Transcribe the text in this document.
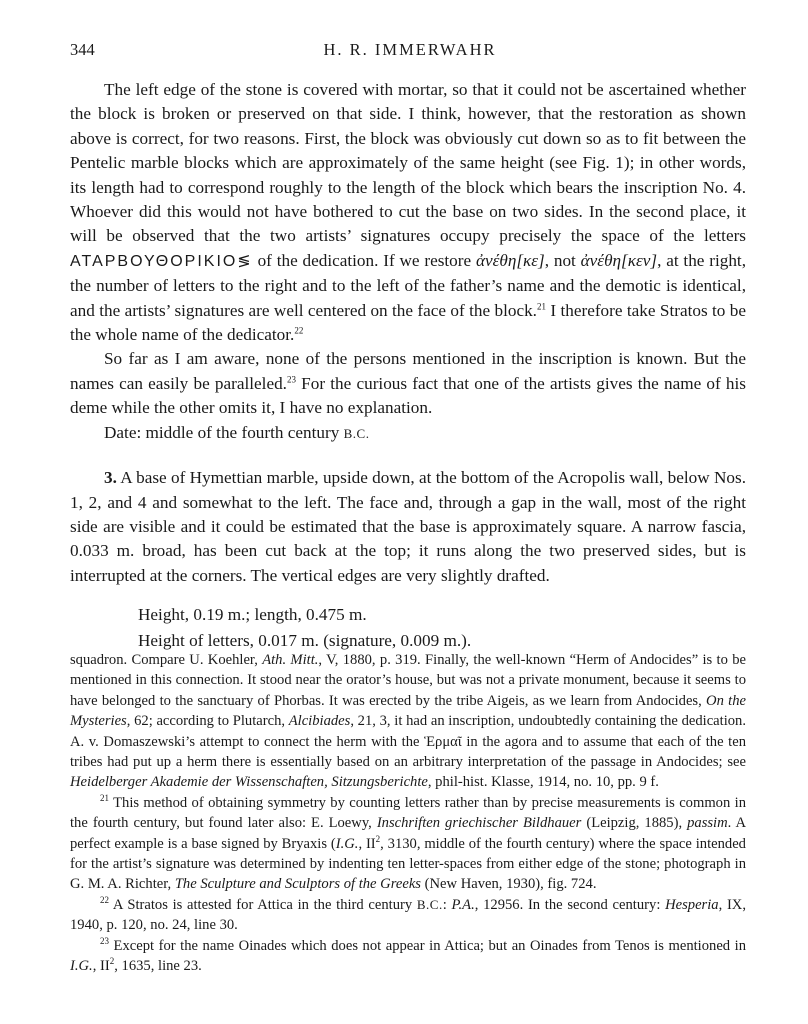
344	H. R. IMMERWAHR

The left edge of the stone is covered with mortar, so that it could not be ascertained whether the block is broken or preserved on that side. I think, however, that the restoration as shown above is correct, for two reasons. First, the block was obviously cut down so as to fit between the Pentelic marble blocks which are approximately of the same height (see Fig. 1); in other words, its length had to correspond roughly to the length of the block which bears the inscription No. 4. Whoever did this would not have bothered to cut the base on two sides. In the second place, it will be observed that the two artists’ signatures occupy precisely the space of the letters ΑΤΑΡΒΟΥΘΟΡΙΚΙΟ≶ of the dedication. If we restore ἀνέθη[κε], not ἀνέθη[κεν], at the right, the number of letters to the right and to the left of the father’s name and the demotic is identical, and the artists’ signatures are well centered on the face of the block.$^{21}$ I therefore take Stratos to be the whole name of the dedicator.$^{22}$

So far as I am aware, none of the persons mentioned in the inscription is known. But the names can easily be paralleled.$^{23}$ For the curious fact that one of the artists gives the name of his deme while the other omits it, I have no explanation.

Date: middle of the fourth century B.C.

3. A base of Hymettian marble, upside down, at the bottom of the Acropolis wall, below Nos. 1, 2, and 4 and somewhat to the left. The face and, through a gap in the wall, most of the right side are visible and it could be estimated that the base is approximately square. A narrow fascia, 0.033 m. broad, has been cut back at the top; it runs along the two preserved sides, but is interrupted at the corners. The vertical edges are very slightly drafted.

Height, 0.19 m.; length, 0.475 m.

Height of letters, 0.017 m. (signature, 0.009 m.).

squadron. Compare U. Koehler, Ath. Mitt., V, 1880, p. 319. Finally, the well-known “Herm of Andocides” is to be mentioned in this connection. It stood near the orator’s house, but was not a private monument, because it seems to have belonged to the sanctuary of Phorbas. It was erected by the tribe Aigeis, as we learn from Andocides, On the Mysteries, 62; according to Plutarch, Alcibiades, 21, 3, it had an inscription, undoubtedly containing the dedication. A. v. Domaszewski’s attempt to connect the herm with the Ἑρμαῖ in the agora and to assume that each of the ten tribes had put up a herm there is essentially based on an arbitrary interpretation of the passage in Andocides; see Heidelberger Akademie der Wissenschaften, Sitzungsberichte, phil-hist. Klasse, 1914, no. 10, pp. 9 f.

$^{21}$ This method of obtaining symmetry by counting letters rather than by precise measurements is common in the fourth century, but found later also: E. Loewy, Inschriften griechischer Bildhauer (Leipzig, 1885), passim. A perfect example is a base signed by Bryaxis (I.G., $II^2$, 3130, middle of the fourth century) where the space intended for the artist’s signature was determined by indenting ten letter-spaces from either edge of the stone; photograph in G. M. A. Richter, The Sculpture and Sculptors of the Greeks (New Haven, 1930), fig. 724.

$^{22}$ A Stratos is attested for Attica in the third century B.C.: P.A., 12956. In the second century: Hesperia, IX, 1940, p. 120, no. 24, line 30.

$^{23}$ Except for the name Oinades which does not appear in Attica; but an Oinades from Tenos is mentioned in I.G., $II^2$, 1635, line 23.
